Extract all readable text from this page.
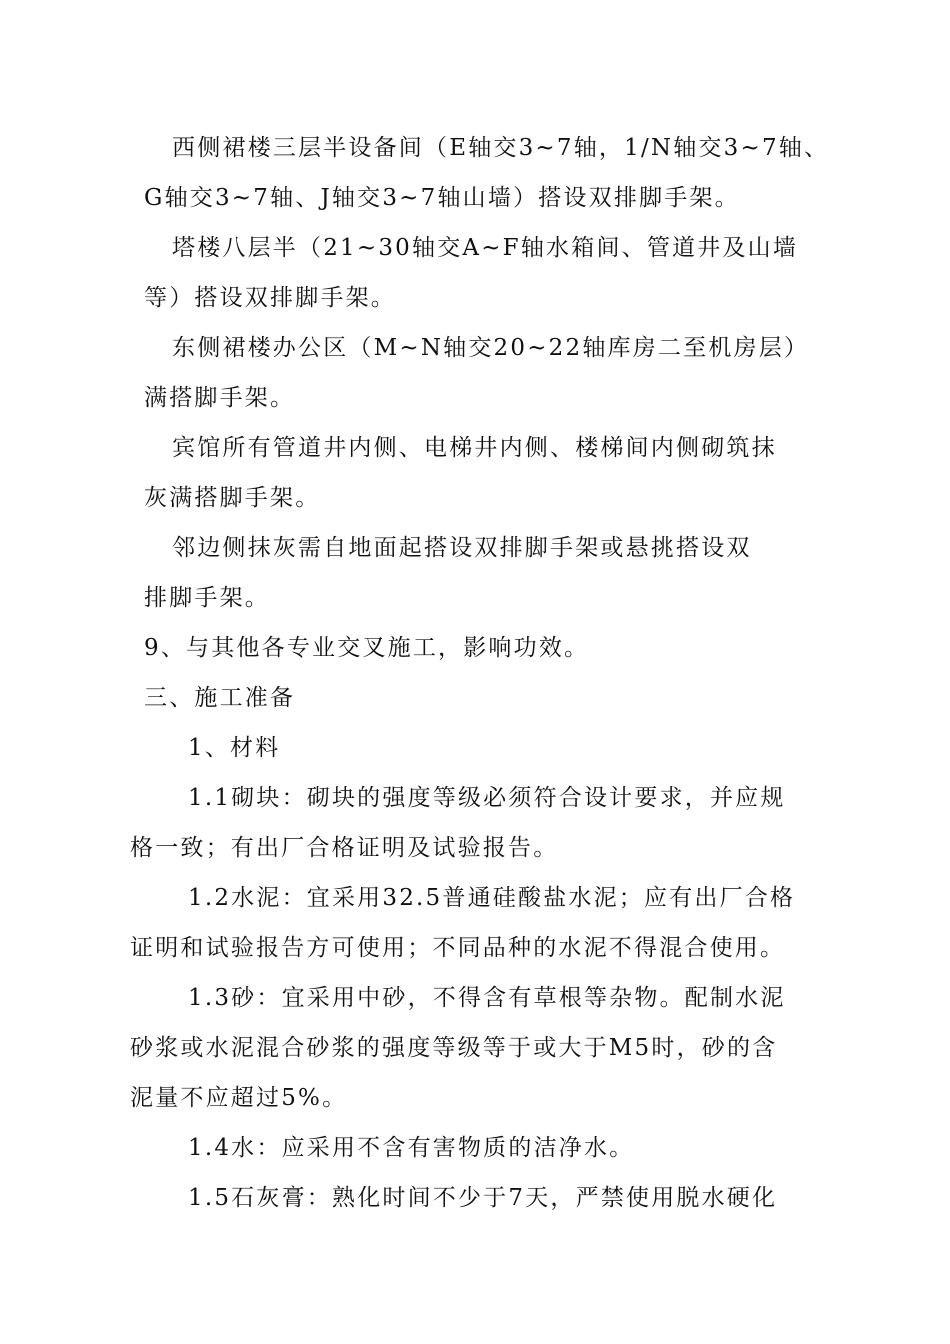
西侧裙楼三层半设备间（E轴交3~7轴，1/N轴交3~7轴、
G轴交3~7轴、J轴交3~7轴山墙）搭设双排脚手架。
塔楼八层半（21~30轴交A~F轴水箱间、管道井及山墙
等）搭设双排脚手架。
东侧裙楼办公区（M~N轴交20~22轴库房二至机房层）
满搭脚手架。
宾馆所有管道井内侧、电梯井内侧、楼梯间内侧砌筑抹
灰满搭脚手架。
邻边侧抹灰需自地面起搭设双排脚手架或悬挑搭设双
排脚手架。
9、与其他各专业交叉施工，影响功效。
三、施工准备
1、材料
1.1砌块：砌块的强度等级必须符合设计要求，并应规
格一致；有出厂合格证明及试验报告。
1.2水泥：宜采用32.5普通硅酸盐水泥；应有出厂合格
证明和试验报告方可使用；不同品种的水泥不得混合使用。
1.3砂：宜采用中砂，不得含有草根等杂物。配制水泥
砂浆或水泥混合砂浆的强度等级等于或大于M5时，砂的含
泥量不应超过5%。
1.4水：应采用不含有害物质的洁净水。
1.5石灰膏：熟化时间不少于7天，严禁使用脱水硬化
